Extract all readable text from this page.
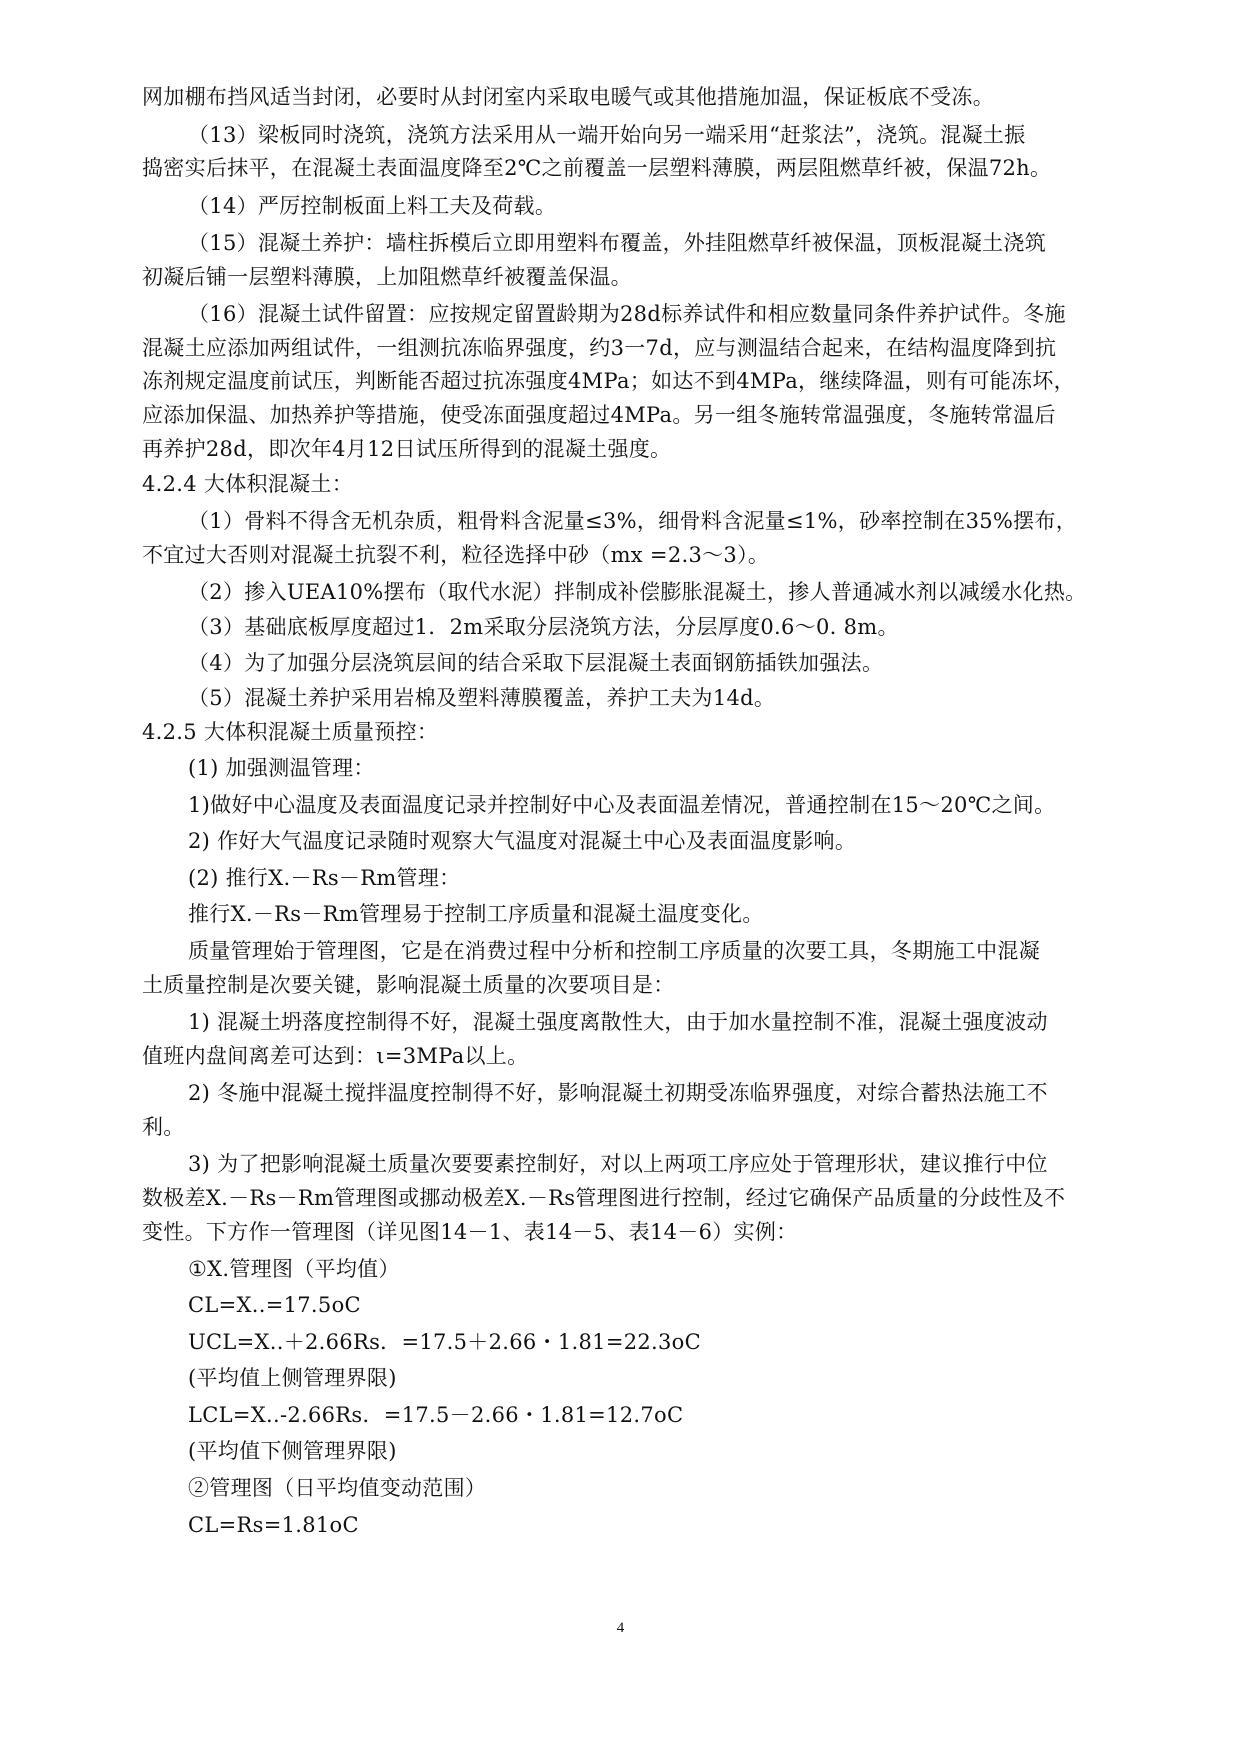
网加棚布挡风适当封闭，必要时从封闭室内采取电暖气或其他措施加温，保证板底不受冻。
（13）梁板同时浇筑，浇筑方法采用从一端开始向另一端采用“赶浆法”，浇筑。混凝土振
捣密实后抹平，在混凝土表面温度降至2℃之前覆盖一层塑料薄膜，两层阻燃草纤被，保温72h。
（14）严厉控制板面上料工夫及荷载。
（15）混凝土养护：墙柱拆模后立即用塑料布覆盖，外挂阻燃草纤被保温，顶板混凝土浇筑
初凝后铺一层塑料薄膜，上加阻燃草纤被覆盖保温。
（16）混凝土试件留置：应按规定留置龄期为28d标养试件和相应数量同条件养护试件。冬施
混凝土应添加两组试件，一组测抗冻临界强度，约3一7d，应与测温结合起来，在结构温度降到抗
冻剂规定温度前试压，判断能否超过抗冻强度4MPa；如达不到4MPa，继续降温，则有可能冻坏，
应添加保温、加热养护等措施，使受冻面强度超过4MPa。另一组冬施转常温强度，冬施转常温后
再养护28d，即次年4月12日试压所得到的混凝土强度。
4.2.4 大体积混凝土：
（1）骨料不得含无机杂质，粗骨料含泥量≤3%，细骨料含泥量≤1%，砂率控制在35%摆布，
不宜过大否则对混凝土抗裂不利，粒径选择中砂（mx =2.3～3）。
（2）掺入UEA10%摆布（取代水泥）拌制成补偿膨胀混凝土，掺人普通减水剂以减缓水化热。
（3）基础底板厚度超过1．2m采取分层浇筑方法，分层厚度0.6～0. 8m。
（4）为了加强分层浇筑层间的结合采取下层混凝土表面钢筋插铁加强法。
（5）混凝土养护采用岩棉及塑料薄膜覆盖，养护工夫为14d。
4.2.5 大体积混凝土质量预控：
(1) 加强测温管理：
1)做好中心温度及表面温度记录并控制好中心及表面温差情况，普通控制在15～20℃之间。
2) 作好大气温度记录随时观察大气温度对混凝土中心及表面温度影响。
(2) 推行X.－Rs－Rm管理：
推行X.－Rs－Rm管理易于控制工序质量和混凝土温度变化。
质量管理始于管理图，它是在消费过程中分析和控制工序质量的次要工具，冬期施工中混凝
土质量控制是次要关键，影响混凝土质量的次要项目是：
1) 混凝土坍落度控制得不好，混凝土强度离散性大，由于加水量控制不准，混凝土强度波动
值班内盘间离差可达到：ι=3MPa以上。
2) 冬施中混凝土搅拌温度控制得不好，影响混凝土初期受冻临界强度，对综合蓄热法施工不
利。
3) 为了把影响混凝土质量次要要素控制好，对以上两项工序应处于管理形状，建议推行中位
数极差X.－Rs－Rm管理图或挪动极差X.－Rs管理图进行控制，经过它确保产品质量的分歧性及不
变性。下方作一管理图（详见图14－1、表14－5、表14－6）实例：
①X.管理图（平均值）
CL=X..=17.5oC
UCL=X..＋2.66Rs．=17.5＋2.66・1.81=22.3oC
(平均值上侧管理界限)
LCL=X..-2.66Rs．=17.5－2.66・1.81=12.7oC
(平均值下侧管理界限)
②管理图（日平均值变动范围）
CL=Rs=1.81oC
4
